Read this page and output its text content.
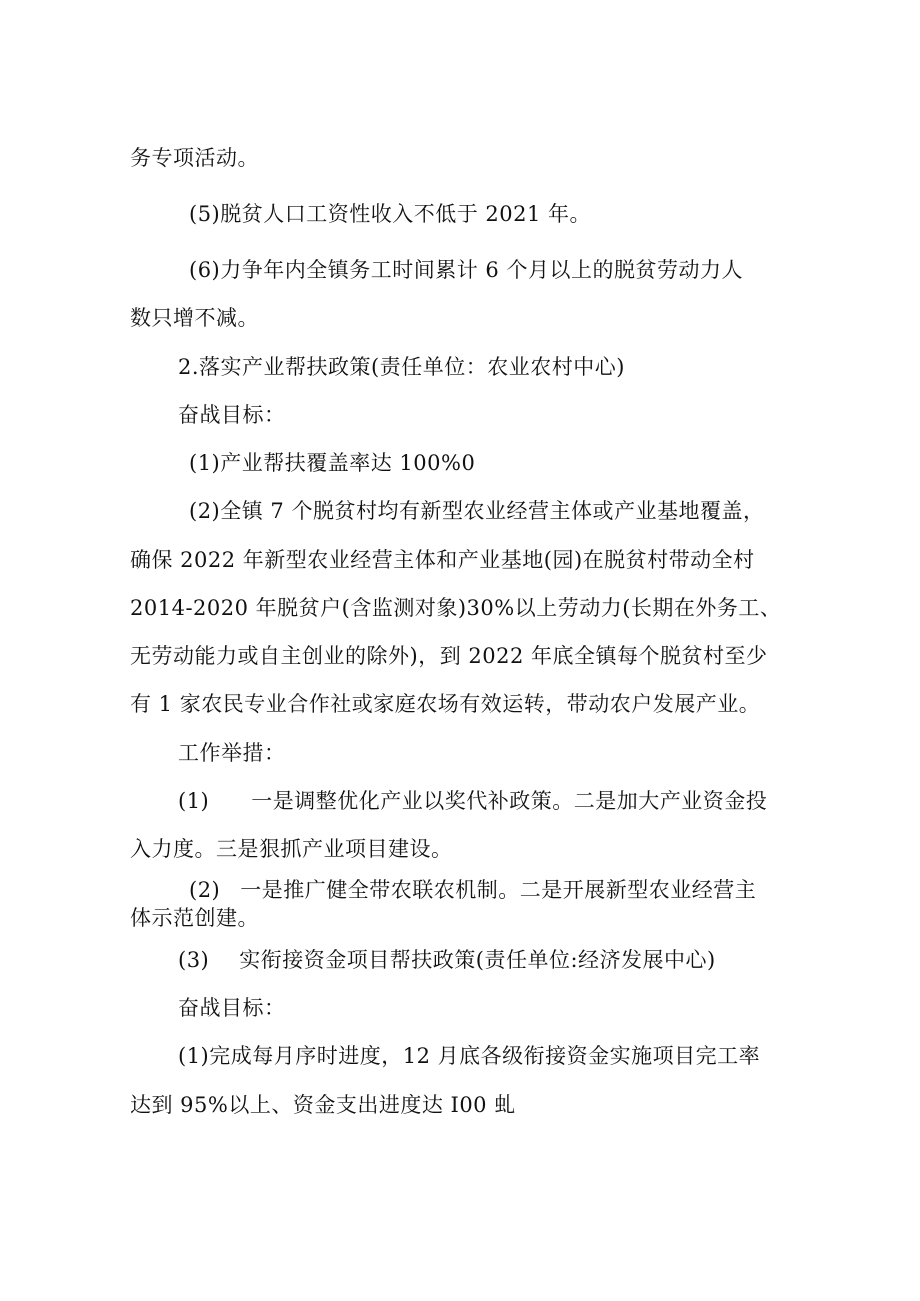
务专项活动。
(5)脱贫人口工资性收入不低于 2021 年。
(6)力争年内全镇务工时间累计 6 个月以上的脱贫劳动力人
数只增不减。
2.落实产业帮扶政策(责任单位：农业农村中心)
奋战目标：
(1)产业帮扶覆盖率达 100%0
(2)全镇 7 个脱贫村均有新型农业经营主体或产业基地覆盖，
确保 2022 年新型农业经营主体和产业基地(园)在脱贫村带动全村
2014-2020 年脱贫户(含监测对象)30%以上劳动力(长期在外务工、
无劳动能力或自主创业的除外)，到 2022 年底全镇每个脱贫村至少
有 1 家农民专业合作社或家庭农场有效运转，带动农户发展产业。
工作举措：
(1) 一是调整优化产业以奖代补政策。二是加大产业资金投
入力度。三是狠抓产业项目建设。
(2) 一是推广健全带农联农机制。二是开展新型农业经营主
体示范创建。
(3) 实衔接资金项目帮扶政策(责任单位:经济发展中心)
奋战目标：
(1)完成每月序时进度，12 月底各级衔接资金实施项目完工率
达到 95%以上、资金支出进度达 I00 虬
